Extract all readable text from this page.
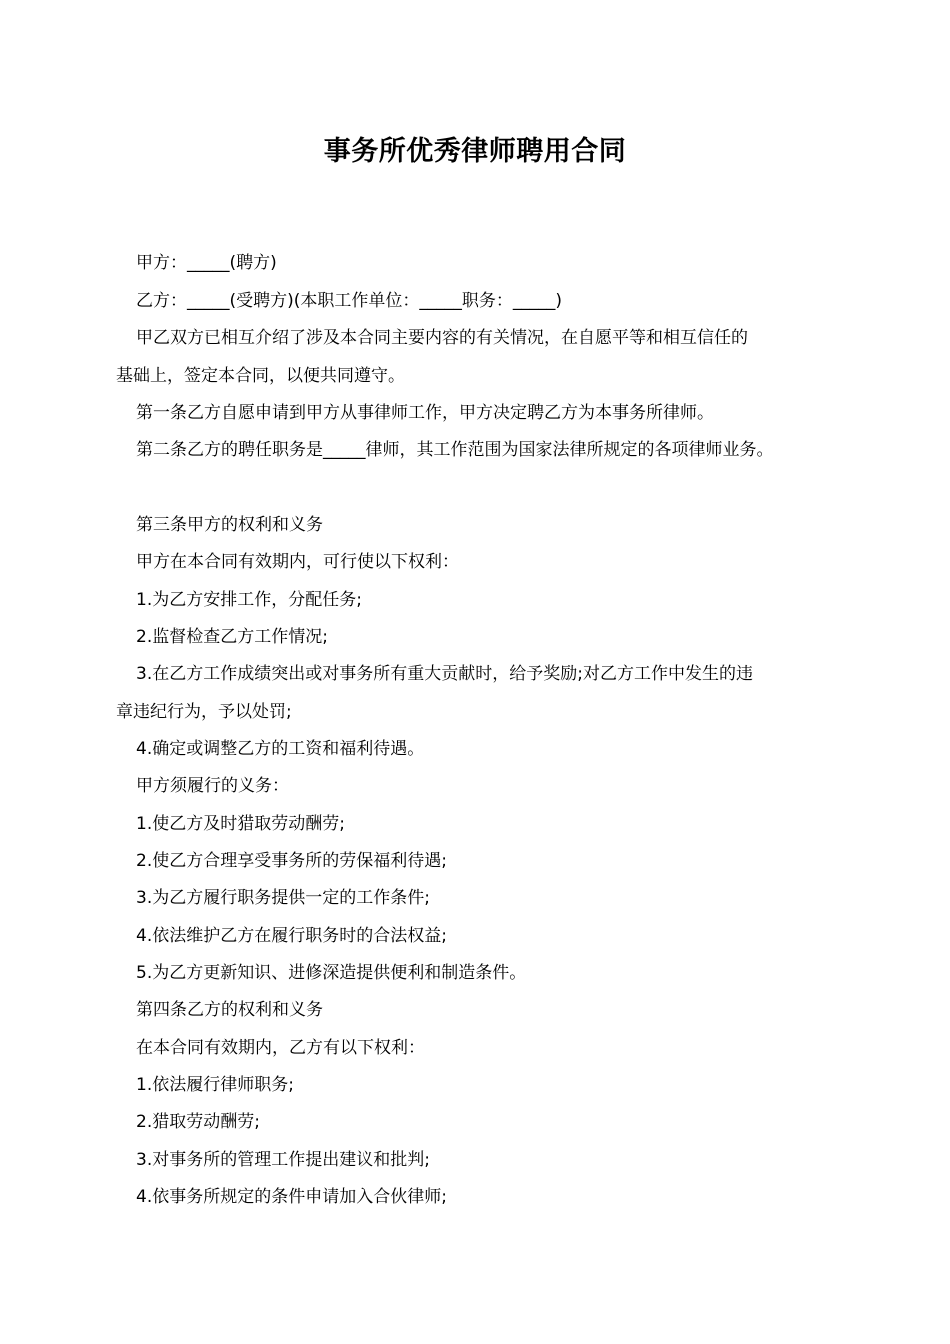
事务所优秀律师聘用合同
甲方：_____(聘方)
乙方：_____(受聘方)(本职工作单位：_____职务：_____)
甲乙双方已相互介绍了涉及本合同主要内容的有关情况，在自愿平等和相互信任的
基础上，签定本合同，以便共同遵守。
第一条乙方自愿申请到甲方从事律师工作，甲方决定聘乙方为本事务所律师。
第二条乙方的聘任职务是_____律师，其工作范围为国家法律所规定的各项律师业务。
第三条甲方的权利和义务
甲方在本合同有效期内，可行使以下权利：
1.为乙方安排工作，分配任务;
2.监督检查乙方工作情况;
3.在乙方工作成绩突出或对事务所有重大贡献时，给予奖励;对乙方工作中发生的违
章违纪行为，予以处罚;
4.确定或调整乙方的工资和福利待遇。
甲方须履行的义务：
1.使乙方及时猎取劳动酬劳;
2.使乙方合理享受事务所的劳保福利待遇;
3.为乙方履行职务提供一定的工作条件;
4.依法维护乙方在履行职务时的合法权益;
5.为乙方更新知识、进修深造提供便利和制造条件。
第四条乙方的权利和义务
在本合同有效期内，乙方有以下权利：
1.依法履行律师职务;
2.猎取劳动酬劳;
3.对事务所的管理工作提出建议和批判;
4.依事务所规定的条件申请加入合伙律师;
